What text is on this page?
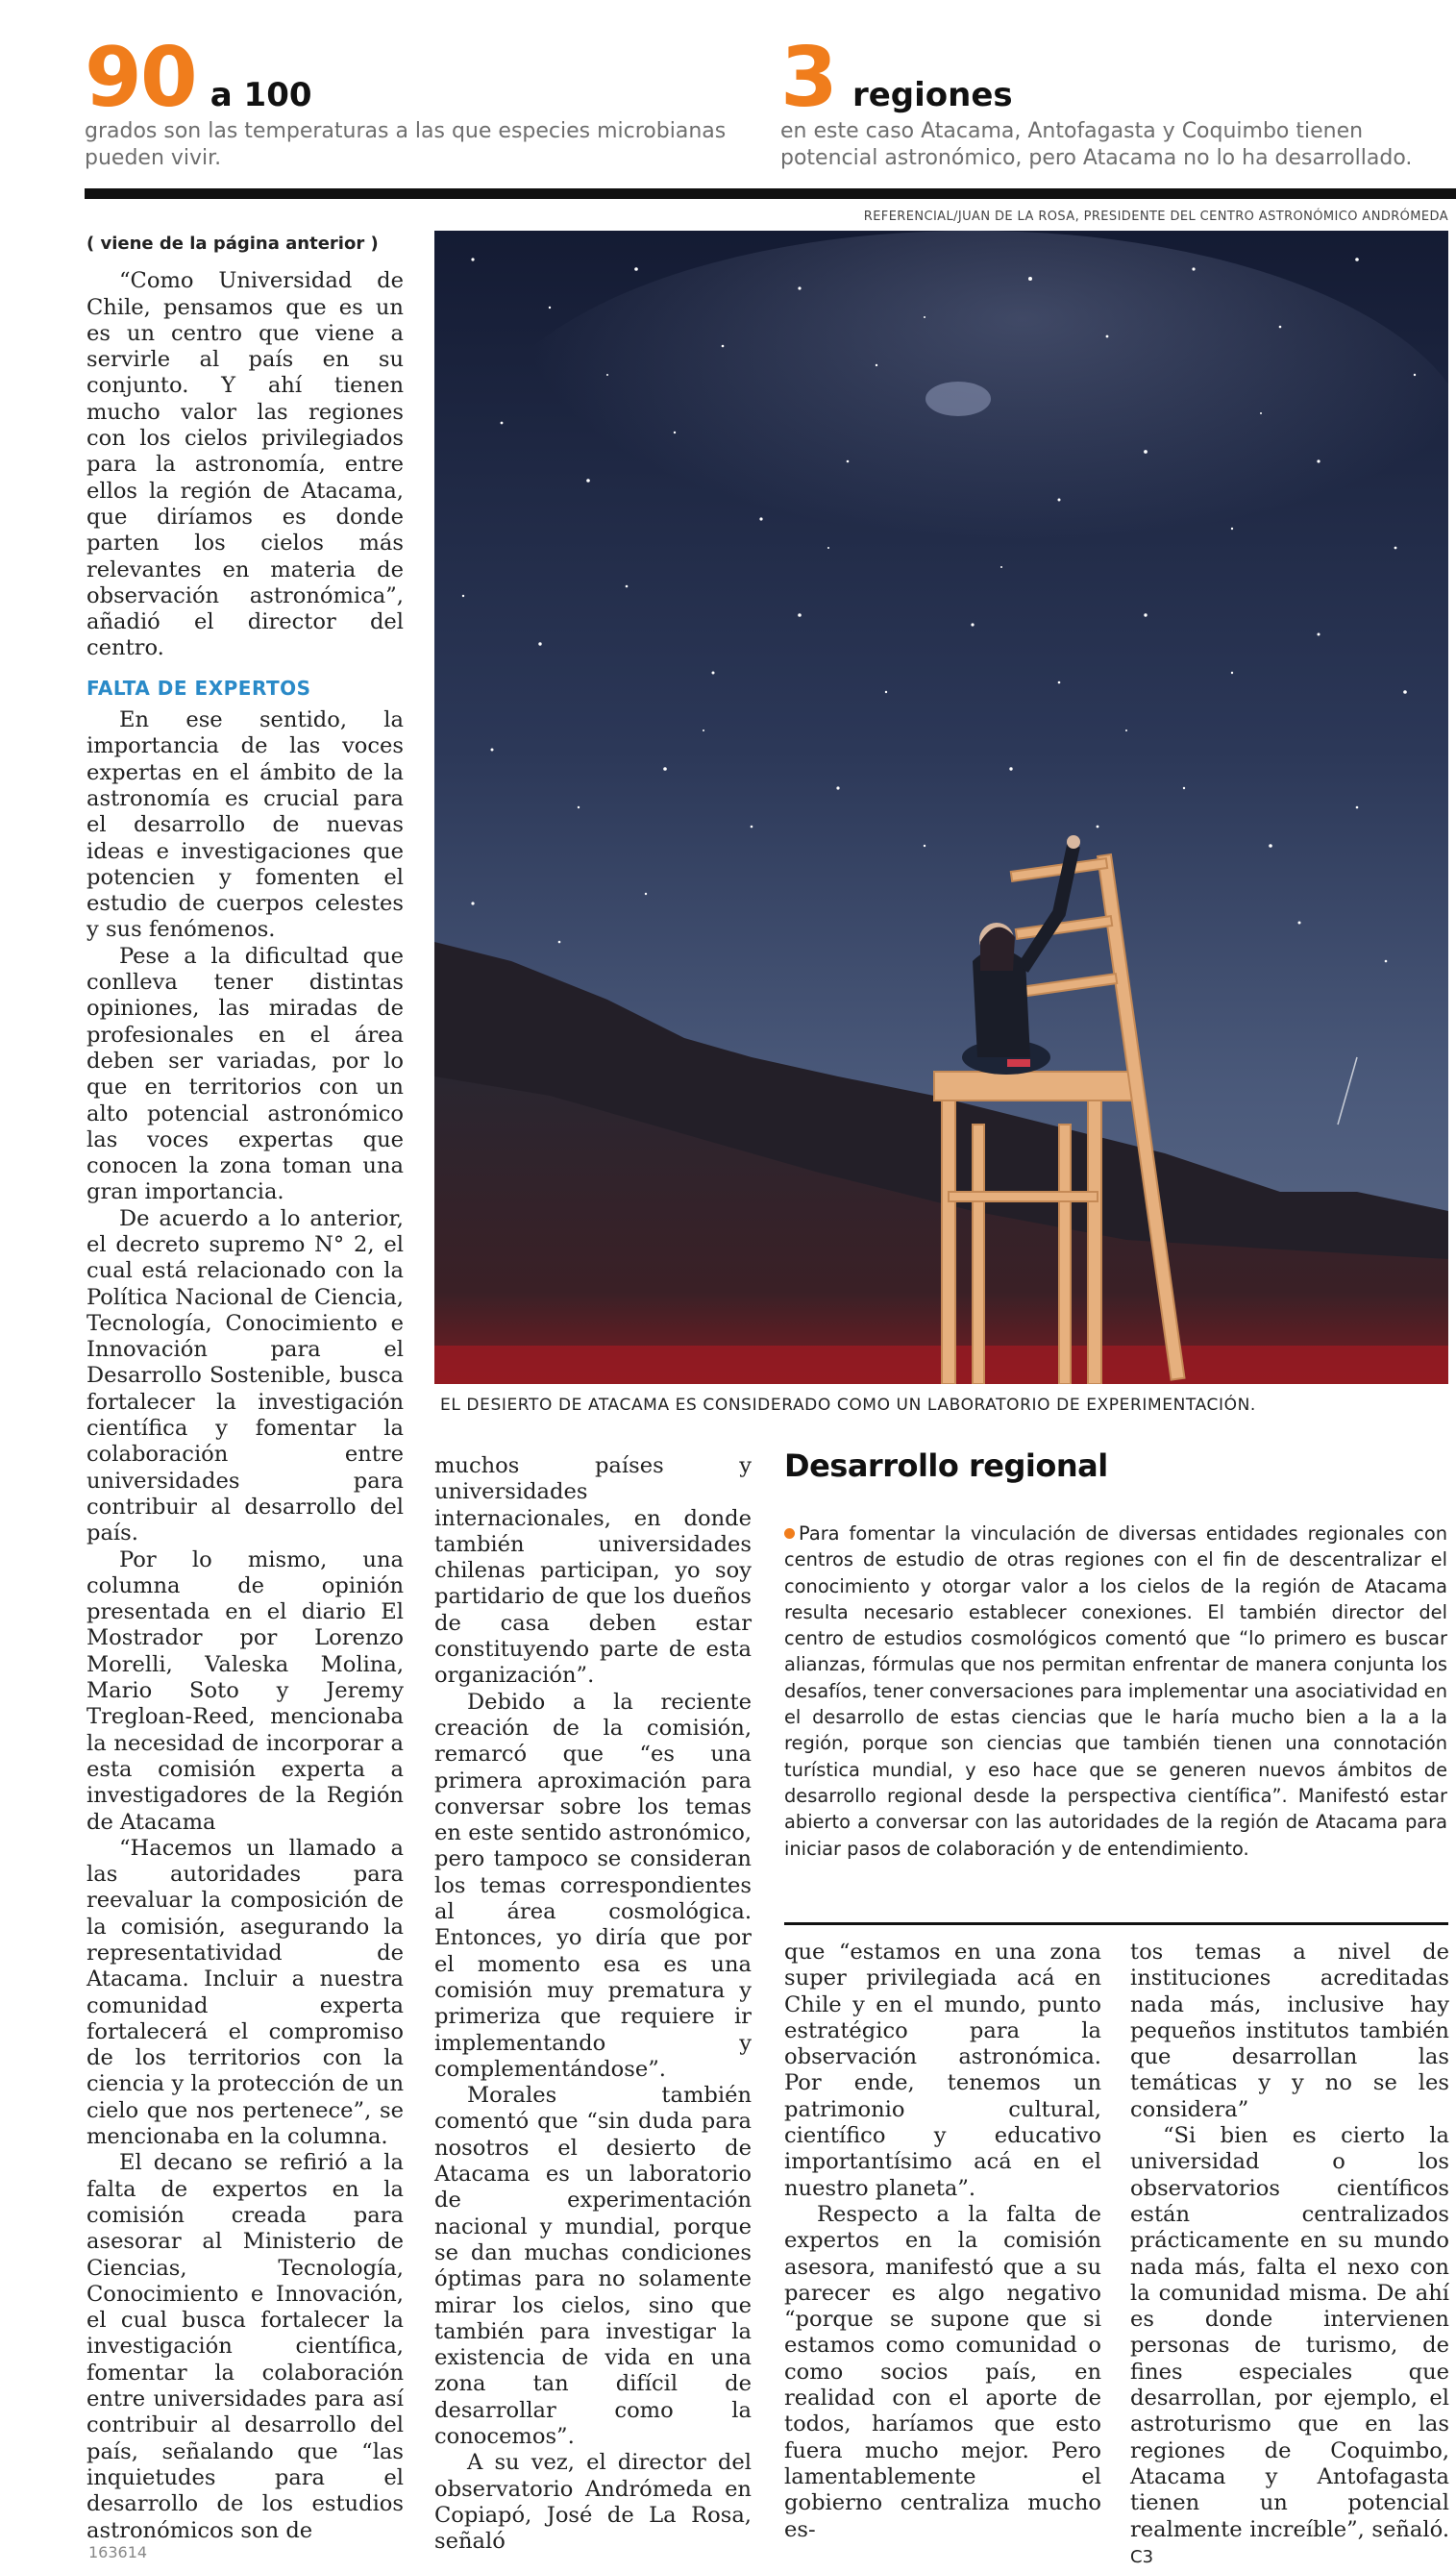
90 a 100
grados son las temperaturas a las que especies microbianas pueden vivir.
3 regiones
en este caso Atacama, Antofagasta y Coquimbo tienen potencial astronómico, pero Atacama no lo ha desarrollado.
REFERENCIAL/JUAN DE LA ROSA, PRESIDENTE DEL CENTRO ASTRONÓMICO ANDRÓMEDA
EL DESIERTO DE ATACAMA ES CONSIDERADO COMO UN LABORATORIO DE EXPERIMENTACIÓN.

( viene de la página anterior )

“Como Universidad de Chile, pensamos que es un es un centro que viene a servirle al país en su conjunto. Y ahí tienen mucho valor las regiones con los cielos privilegiados para la astronomía, entre ellos la región de Atacama, que diríamos es donde parten los cielos más relevantes en materia de observación astronómica”, añadió el director del centro.

FALTA DE EXPERTOS

En ese sentido, la importancia de las voces expertas en el ámbito de la astronomía es crucial para el desarrollo de nuevas ideas e investigaciones que potencien y fomenten el estudio de cuerpos celestes y sus fenómenos.

Pese a la dificultad que conlleva tener distintas opiniones, las miradas de profesionales en el área deben ser variadas, por lo que en territorios con un alto potencial astronómico las voces expertas que conocen la zona toman una gran importancia.

De acuerdo a lo anterior, el decreto supremo N° 2, el cual está relacionado con la Política Nacional de Ciencia, Tecnología, Conocimiento e Innovación para el Desarrollo Sostenible, busca fortalecer la investigación científica y fomentar la colaboración entre universidades para contribuir al desarrollo del país.

Por lo mismo, una columna de opinión presentada en el diario El Mostrador por Lorenzo Morelli, Valeska Molina, Mario Soto y Jeremy Tregloan-Reed, mencionaba la necesidad de incorporar a esta comisión experta a investigadores de la Región de Atacama

“Hacemos un llamado a las autoridades para reevaluar la composición de la comisión, asegurando la representatividad de Atacama. Incluir a nuestra comunidad experta fortalecerá el compromiso de los territorios con la ciencia y la protección de un cielo que nos pertenece”, se mencionaba en la columna.

El decano se refirió a la falta de expertos en la comisión creada para asesorar al Ministerio de Ciencias, Tecnología, Conocimiento e Innovación, el cual busca fortalecer la investigación científica, fomentar la colaboración entre universidades para así contribuir al desarrollo del país, señalando que “las inquietudes para el desarrollo de los estudios astronómicos son de

163614

muchos países y universidades internacionales, en donde también universidades chilenas participan, yo soy partidario de que los dueños de casa deben estar constituyendo parte de esta organización”.

Debido a la reciente creación de la comisión, remarcó que “es una primera aproximación para conversar sobre los temas en este sentido astronómico, pero tampoco se consideran los temas correspondientes al área cosmológica. Entonces, yo diría que por el momento esa es una comisión muy prematura y primeriza que requiere ir implementando y complementándose”.

Morales también comentó que “sin duda para nosotros el desierto de Atacama es un laboratorio de experimentación nacional y mundial, porque se dan muchas condiciones óptimas para no solamente mirar los cielos, sino que también para investigar la existencia de vida en una zona tan difícil de desarrollar como la conocemos”.

A su vez, el director del observatorio Andrómeda en Copiapó, José de La Rosa, señaló

Desarrollo regional
Para fomentar la vinculación de diversas entidades regionales con centros de estudio de otras regiones con el fin de descentralizar el conocimiento y otorgar valor a los cielos de la región de Atacama resulta necesario establecer conexiones. El también director del centro de estudios cosmológicos comentó que “lo primero es buscar alianzas, fórmulas que nos permitan enfrentar de manera conjunta los desafíos, tener conversaciones para implementar una asociatividad en el desarrollo de estas ciencias que le haría mucho bien a la a la región, porque son ciencias que también tienen una connotación turística mundial, y eso hace que se generen nuevos ámbitos de desarrollo regional desde la perspectiva científica”. Manifestó estar abierto a conversar con las autoridades de la región de Atacama para iniciar pasos de colaboración y de entendimiento.

que “estamos en una zona super privilegiada acá en Chile y en el mundo, punto estratégico para la observación astronómica. Por ende, tenemos un patrimonio cultural, científico y educativo importantísimo acá en el nuestro planeta”.

Respecto a la falta de expertos en la comisión asesora, manifestó que a su parecer es algo negativo “porque se supone que si estamos como comunidad o como socios país, en realidad con el aporte de todos, haríamos que esto fuera mucho mejor. Pero lamentablemente el gobierno centraliza mucho es-

tos temas a nivel de instituciones acreditadas nada más, inclusive hay pequeños institutos también que desarrollan las temáticas y y no se les considera”

“Si bien es cierto la universidad o los observatorios científicos están centralizados prácticamente en su mundo nada más, falta el nexo con la comunidad misma. De ahí es donde intervienen personas de turismo, de fines especiales que desarrollan, por ejemplo, el astroturismo que en las regiones de Coquimbo, Atacama y Antofagasta tienen un potencial realmente increíble”, señaló. C3
